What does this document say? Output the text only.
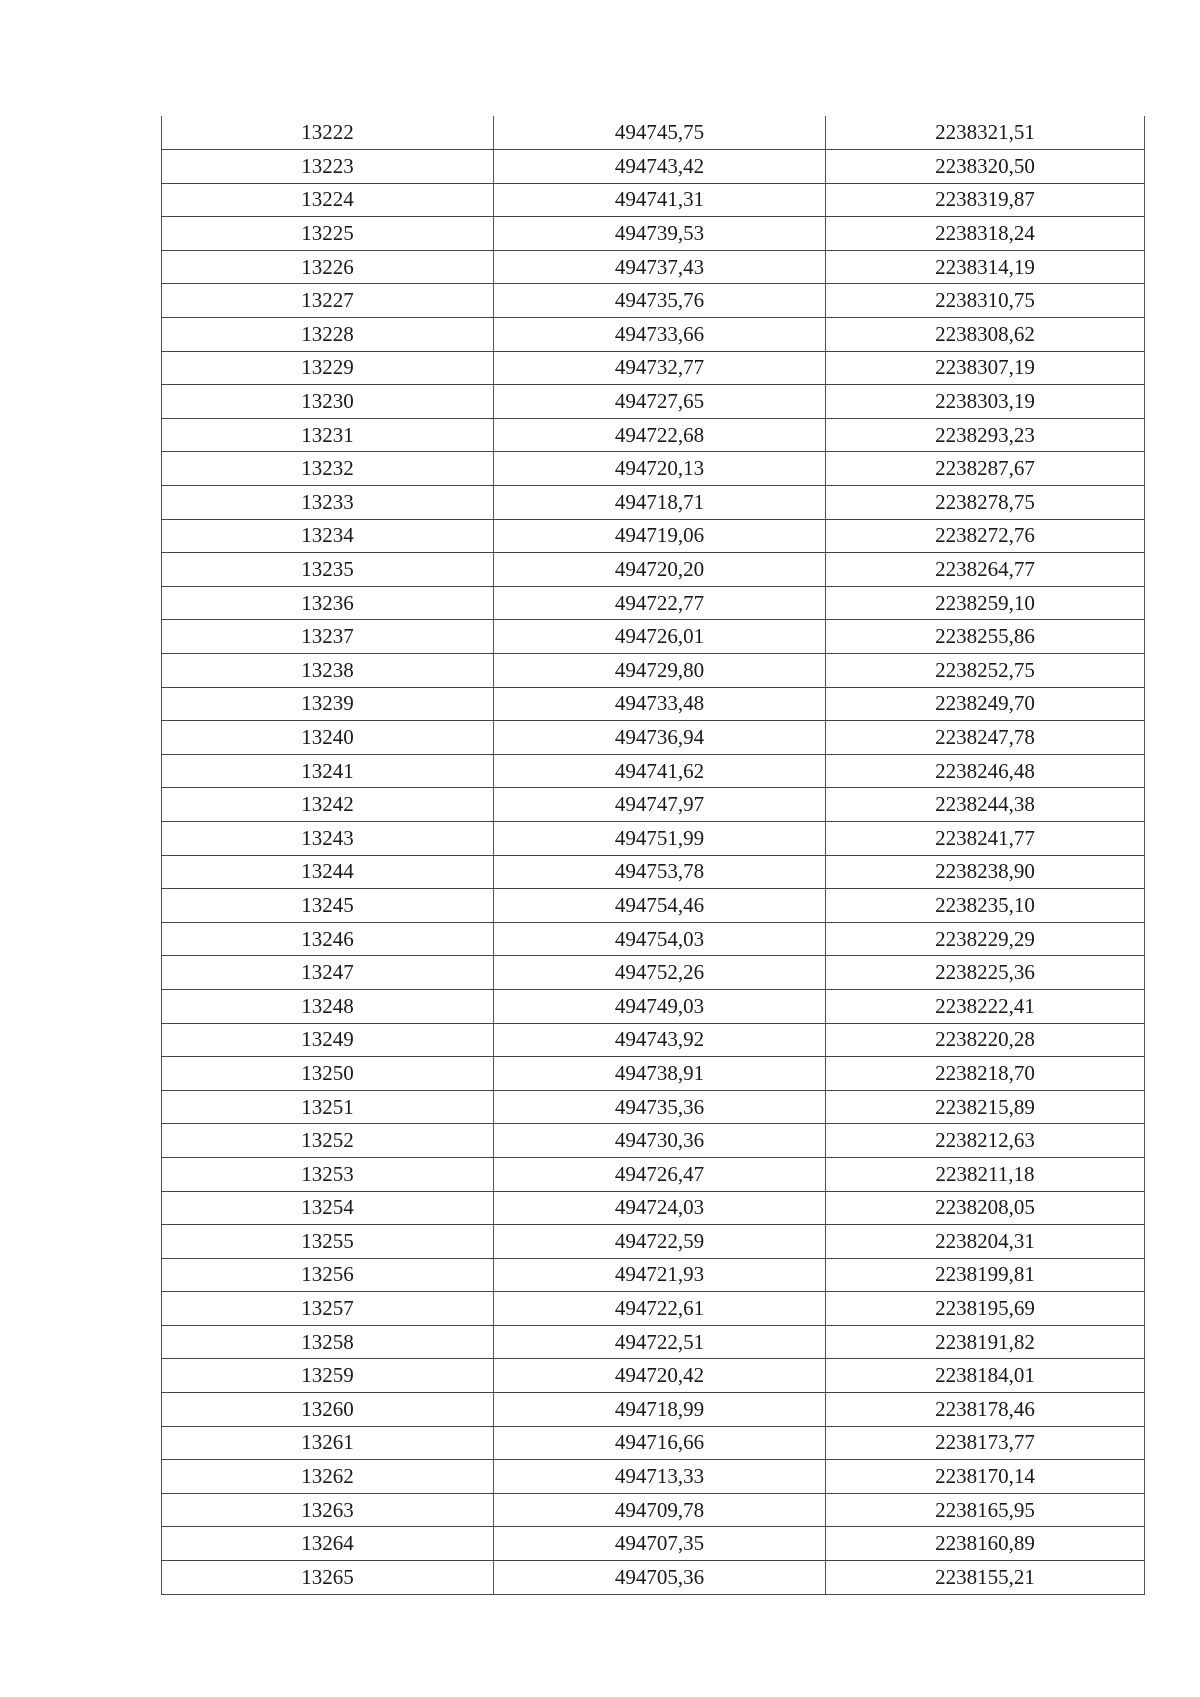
13222	494745,75	2238321,51
13223	494743,42	2238320,50
13224	494741,31	2238319,87
13225	494739,53	2238318,24
13226	494737,43	2238314,19
13227	494735,76	2238310,75
13228	494733,66	2238308,62
13229	494732,77	2238307,19
13230	494727,65	2238303,19
13231	494722,68	2238293,23
13232	494720,13	2238287,67
13233	494718,71	2238278,75
13234	494719,06	2238272,76
13235	494720,20	2238264,77
13236	494722,77	2238259,10
13237	494726,01	2238255,86
13238	494729,80	2238252,75
13239	494733,48	2238249,70
13240	494736,94	2238247,78
13241	494741,62	2238246,48
13242	494747,97	2238244,38
13243	494751,99	2238241,77
13244	494753,78	2238238,90
13245	494754,46	2238235,10
13246	494754,03	2238229,29
13247	494752,26	2238225,36
13248	494749,03	2238222,41
13249	494743,92	2238220,28
13250	494738,91	2238218,70
13251	494735,36	2238215,89
13252	494730,36	2238212,63
13253	494726,47	2238211,18
13254	494724,03	2238208,05
13255	494722,59	2238204,31
13256	494721,93	2238199,81
13257	494722,61	2238195,69
13258	494722,51	2238191,82
13259	494720,42	2238184,01
13260	494718,99	2238178,46
13261	494716,66	2238173,77
13262	494713,33	2238170,14
13263	494709,78	2238165,95
13264	494707,35	2238160,89
13265	494705,36	2238155,21
